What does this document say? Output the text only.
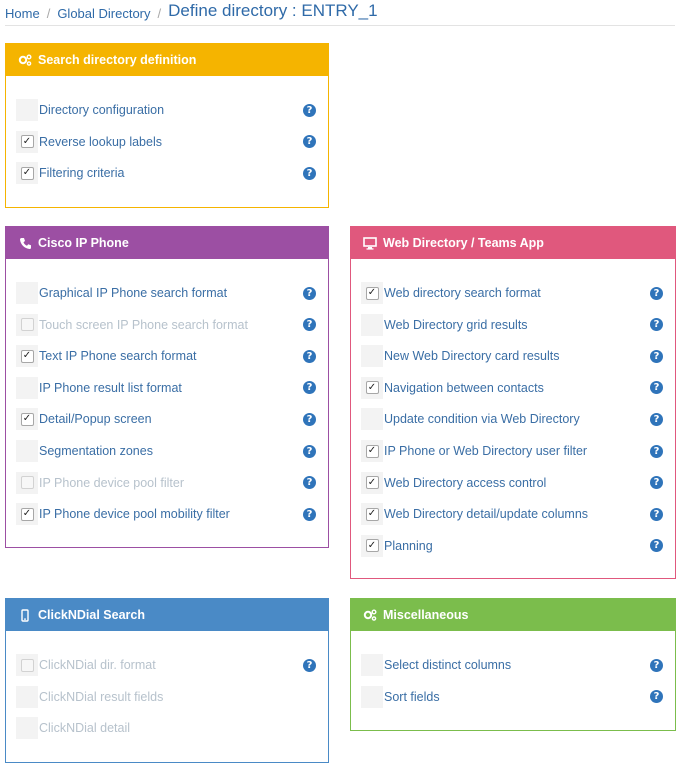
Home / Global Directory / Define directory : ENTRY_1
Search directory definition
Directory configuration	?
✓ Reverse lookup labels	?
✓ Filtering criteria	?
Cisco IP Phone
Graphical IP Phone search format	?
Touch screen IP Phone search format	?
✓ Text IP Phone search format	?
IP Phone result list format	?
✓ Detail/Popup screen	?
Segmentation zones	?
IP Phone device pool filter	?
✓ IP Phone device pool mobility filter	?
Web Directory / Teams App
✓ Web directory search format	?
Web Directory grid results	?
New Web Directory card results	?
✓ Navigation between contacts	?
Update condition via Web Directory	?
✓ IP Phone or Web Directory user filter	?
✓ Web Directory access control	?
✓ Web Directory detail/update columns	?
✓ Planning	?
ClickNDial Search
ClickNDial dir. format	?
ClickNDial result fields
ClickNDial detail
Miscellaneous
Select distinct columns	?
Sort fields	?
